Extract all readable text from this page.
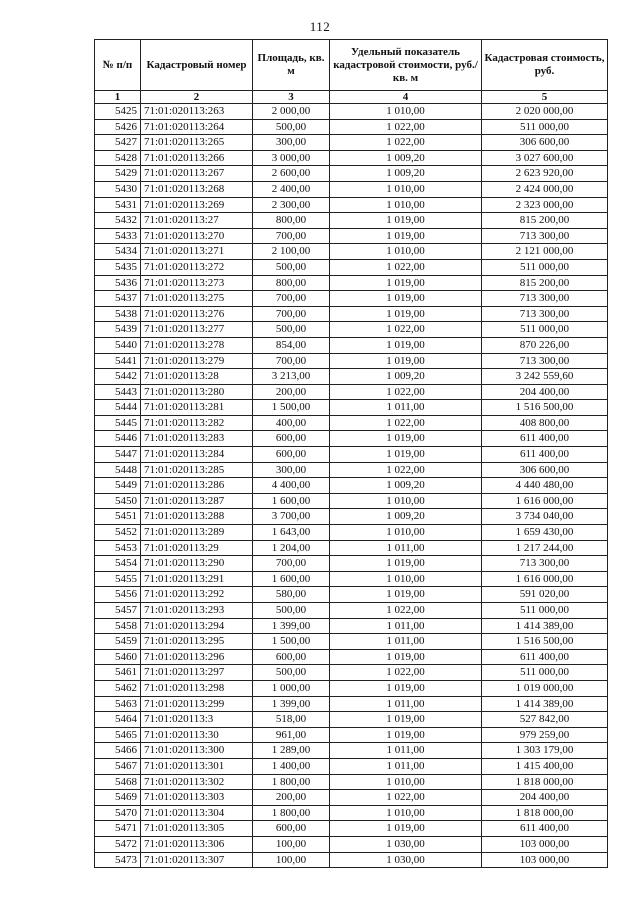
112
№ п/п	Кадастровый номер	Площадь, кв. м	Удельный показатель кадастровой стоимости, руб./кв. м	Кадастровая стоимость, руб.
1	2	3	4	5
5425	71:01:020113:263	2 000,00	1 010,00	2 020 000,00
5426	71:01:020113:264	500,00	1 022,00	511 000,00
5427	71:01:020113:265	300,00	1 022,00	306 600,00
5428	71:01:020113:266	3 000,00	1 009,20	3 027 600,00
5429	71:01:020113:267	2 600,00	1 009,20	2 623 920,00
5430	71:01:020113:268	2 400,00	1 010,00	2 424 000,00
5431	71:01:020113:269	2 300,00	1 010,00	2 323 000,00
5432	71:01:020113:27	800,00	1 019,00	815 200,00
5433	71:01:020113:270	700,00	1 019,00	713 300,00
5434	71:01:020113:271	2 100,00	1 010,00	2 121 000,00
5435	71:01:020113:272	500,00	1 022,00	511 000,00
5436	71:01:020113:273	800,00	1 019,00	815 200,00
5437	71:01:020113:275	700,00	1 019,00	713 300,00
5438	71:01:020113:276	700,00	1 019,00	713 300,00
5439	71:01:020113:277	500,00	1 022,00	511 000,00
5440	71:01:020113:278	854,00	1 019,00	870 226,00
5441	71:01:020113:279	700,00	1 019,00	713 300,00
5442	71:01:020113:28	3 213,00	1 009,20	3 242 559,60
5443	71:01:020113:280	200,00	1 022,00	204 400,00
5444	71:01:020113:281	1 500,00	1 011,00	1 516 500,00
5445	71:01:020113:282	400,00	1 022,00	408 800,00
5446	71:01:020113:283	600,00	1 019,00	611 400,00
5447	71:01:020113:284	600,00	1 019,00	611 400,00
5448	71:01:020113:285	300,00	1 022,00	306 600,00
5449	71:01:020113:286	4 400,00	1 009,20	4 440 480,00
5450	71:01:020113:287	1 600,00	1 010,00	1 616 000,00
5451	71:01:020113:288	3 700,00	1 009,20	3 734 040,00
5452	71:01:020113:289	1 643,00	1 010,00	1 659 430,00
5453	71:01:020113:29	1 204,00	1 011,00	1 217 244,00
5454	71:01:020113:290	700,00	1 019,00	713 300,00
5455	71:01:020113:291	1 600,00	1 010,00	1 616 000,00
5456	71:01:020113:292	580,00	1 019,00	591 020,00
5457	71:01:020113:293	500,00	1 022,00	511 000,00
5458	71:01:020113:294	1 399,00	1 011,00	1 414 389,00
5459	71:01:020113:295	1 500,00	1 011,00	1 516 500,00
5460	71:01:020113:296	600,00	1 019,00	611 400,00
5461	71:01:020113:297	500,00	1 022,00	511 000,00
5462	71:01:020113:298	1 000,00	1 019,00	1 019 000,00
5463	71:01:020113:299	1 399,00	1 011,00	1 414 389,00
5464	71:01:020113:3	518,00	1 019,00	527 842,00
5465	71:01:020113:30	961,00	1 019,00	979 259,00
5466	71:01:020113:300	1 289,00	1 011,00	1 303 179,00
5467	71:01:020113:301	1 400,00	1 011,00	1 415 400,00
5468	71:01:020113:302	1 800,00	1 010,00	1 818 000,00
5469	71:01:020113:303	200,00	1 022,00	204 400,00
5470	71:01:020113:304	1 800,00	1 010,00	1 818 000,00
5471	71:01:020113:305	600,00	1 019,00	611 400,00
5472	71:01:020113:306	100,00	1 030,00	103 000,00
5473	71:01:020113:307	100,00	1 030,00	103 000,00
